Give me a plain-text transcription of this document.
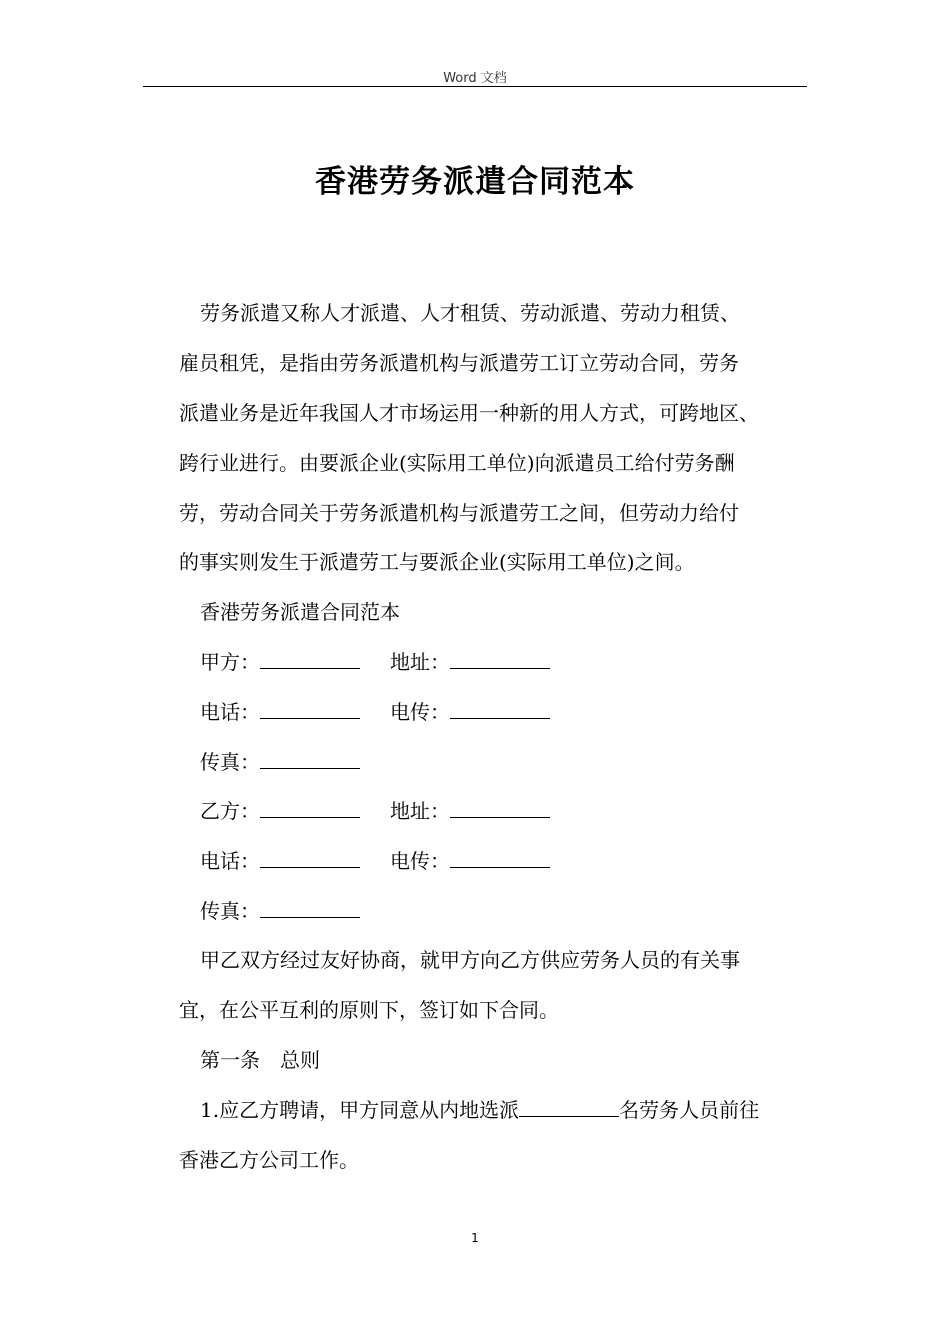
Word 文档
香港劳务派遣合同范本
劳务派遣又称人才派遣、人才租赁、劳动派遣、劳动力租赁、
雇员租凭，是指由劳务派遣机构与派遣劳工订立劳动合同，劳务
派遣业务是近年我国人才市场运用一种新的用人方式，可跨地区、
跨行业进行。由要派企业(实际用工单位)向派遣员工给付劳务酬
劳，劳动合同关于劳务派遣机构与派遣劳工之间，但劳动力给付
的事实则发生于派遣劳工与要派企业(实际用工单位)之间。
香港劳务派遣合同范本
甲方：	地址：
电话：	电传：
传真：
乙方：	地址：
电话：	电传：
传真：
甲乙双方经过友好协商，就甲方向乙方供应劳务人员的有关事
宜，在公平互利的原则下，签订如下合同。
第一条　总则
1.应乙方聘请，甲方同意从内地选派	名劳务人员前往
香港乙方公司工作。
1
